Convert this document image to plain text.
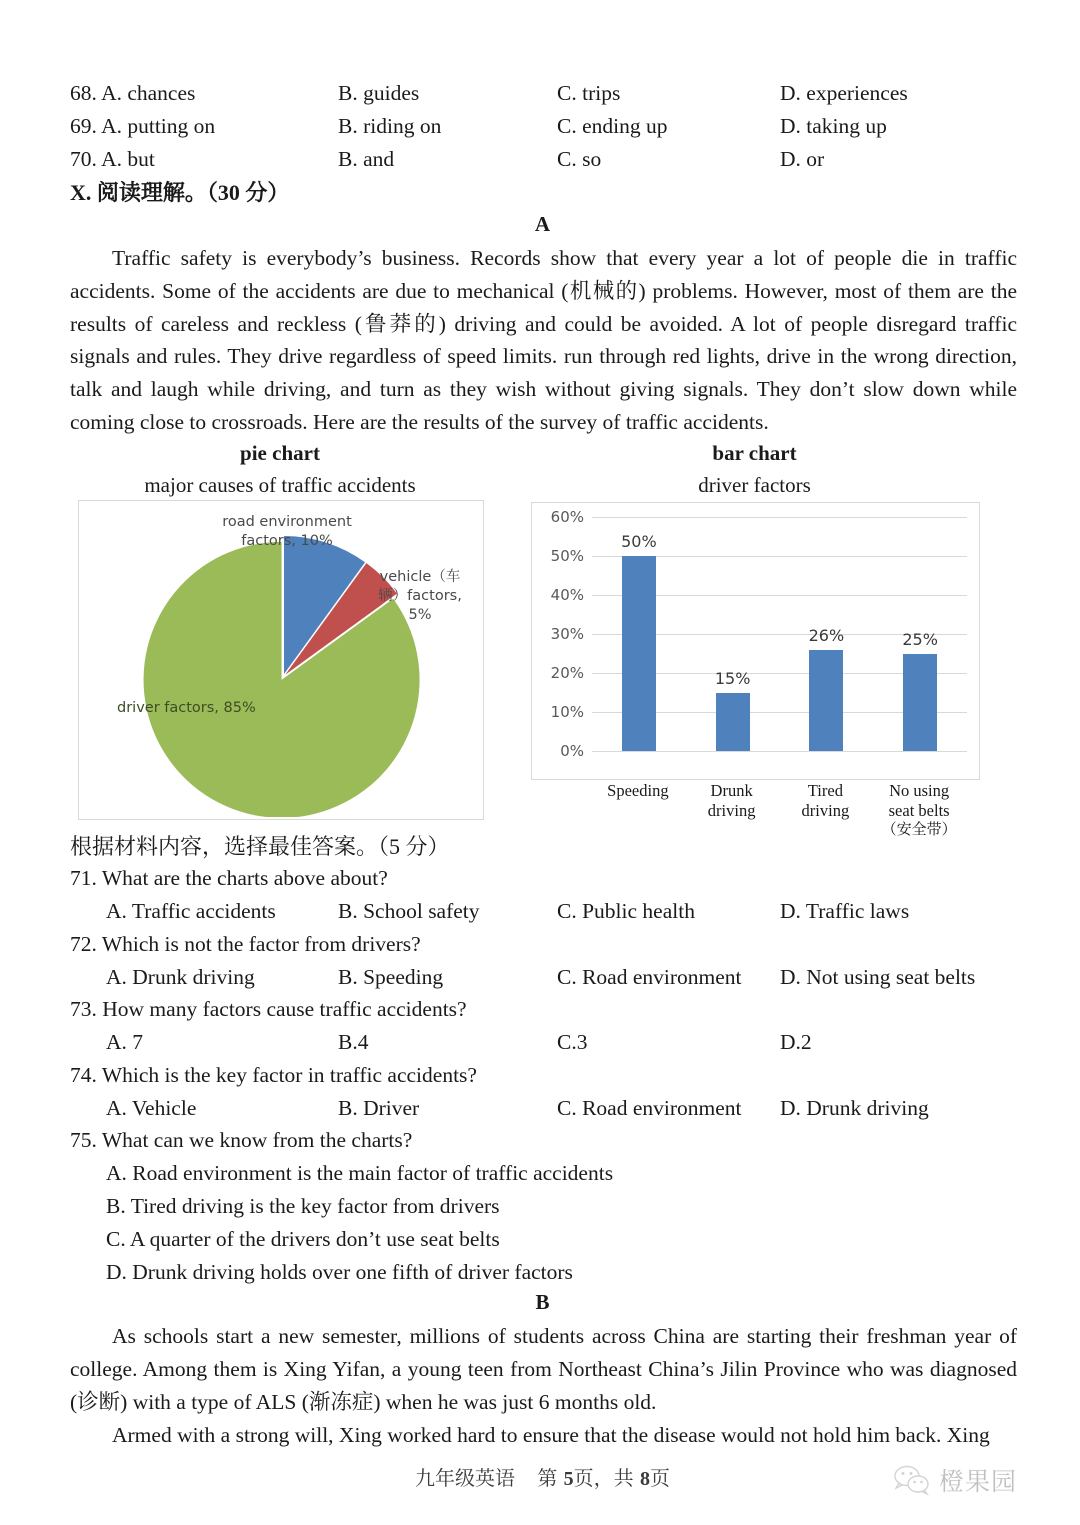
68. A. chances	B. guides	C. trips	D. experiences
69. A. putting on	B. riding on	C. ending up	D. taking up
70. A. but	B. and	C. so	D. or
X. 阅读理解。（30 分）
A
Traffic safety is everybody’s business. Records show that every year a lot of people die in traffic accidents. Some of the accidents are due to mechanical (机械的) problems. However, most of them are the results of careless and reckless (鲁莽的) driving and could be avoided. A lot of people disregard traffic signals and rules. They drive regardless of speed limits. run through red lights, drive in the wrong direction, talk and laugh while driving, and turn as they wish without giving signals. They don’t slow down while coming close to crossroads. Here are the results of the survey of traffic accidents.
pie chart
major causes of traffic accidents
road environment
factors, 10%
vehicle（车
辆）factors,
5%
driver factors, 85%
bar chart
driver factors
0%
10%
20%
30%
40%
50%
60%
50%
15%
26%	25%
Speeding	Drunk
driving
Tired
driving
No using
seat belts
（安全带）
根据材料内容，选择最佳答案。（5 分）
71. What are the charts above about?
A. Traffic accidents	B. School safety	C. Public health	D. Traffic laws
72. Which is not the factor from drivers?
A. Drunk driving	B. Speeding	C. Road environment D. Not using seat belts
73. How many factors cause traffic accidents?
A. 7	B.4	C.3	D.2
74. Which is the key factor in traffic accidents?
A. Vehicle	B. Driver	C. Road environment D. Drunk driving
75. What can we know from the charts?
A. Road environment is the main factor of traffic accidents
B. Tired driving is the key factor from drivers
C. A quarter of the drivers don’t use seat belts
D. Drunk driving holds over one fifth of driver factors
B
As schools start a new semester, millions of students across China are starting their freshman year of college. Among them is Xing Yifan, a young teen from Northeast China’s Jilin Province who was diagnosed (诊断) with a type of ALS (渐冻症) when he was just 6 months old.
Armed with a strong will, Xing worked hard to ensure that the disease would not hold him back. Xing
九年级英语 第 5页，共 8页	橙果园
